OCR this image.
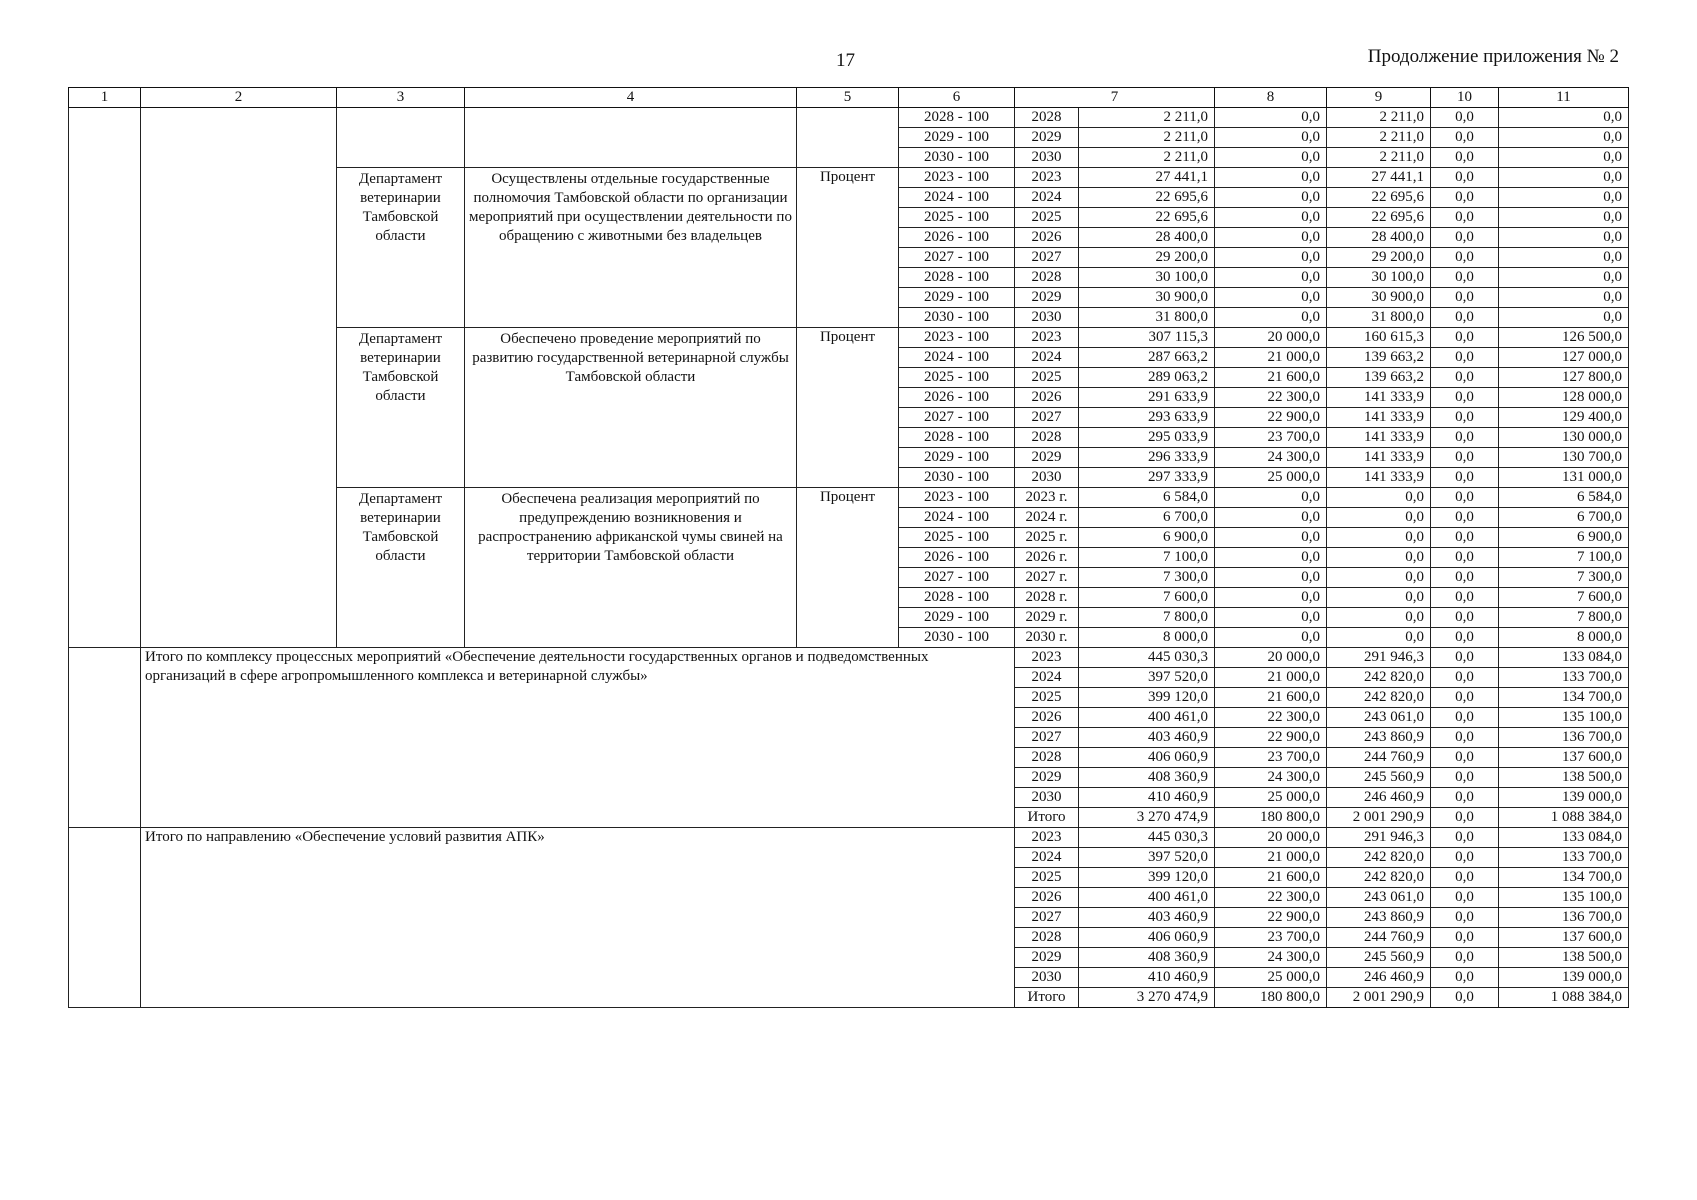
17	Продолжение приложения № 2
1	2	3	4	5	6	7		8	9	10	11
					2028 - 100	2028	2 211,0	0,0	2 211,0	0,0	0,0
					2029 - 100	2029	2 211,0	0,0	2 211,0	0,0	0,0
					2030 - 100	2030	2 211,0	0,0	2 211,0	0,0	0,0
		Департамент ветеринарии Тамбовской области	Осуществлены отдельные государственные полномочия Тамбовской области по организации мероприятий при осуществлении деятельности по обращению с животными без владельцев	Процент	2023 - 100	2023	27 441,1	0,0	27 441,1	0,0	0,0
					2024 - 100	2024	22 695,6	0,0	22 695,6	0,0	0,0
					2025 - 100	2025	22 695,6	0,0	22 695,6	0,0	0,0
					2026 - 100	2026	28 400,0	0,0	28 400,0	0,0	0,0
					2027 - 100	2027	29 200,0	0,0	29 200,0	0,0	0,0
					2028 - 100	2028	30 100,0	0,0	30 100,0	0,0	0,0
					2029 - 100	2029	30 900,0	0,0	30 900,0	0,0	0,0
					2030 - 100	2030	31 800,0	0,0	31 800,0	0,0	0,0
		Департамент ветеринарии Тамбовской области	Обеспечено проведение мероприятий по развитию государственной ветеринарной службы Тамбовской области	Процент	2023 - 100	2023	307 115,3	20 000,0	160 615,3	0,0	126 500,0
					2024 - 100	2024	287 663,2	21 000,0	139 663,2	0,0	127 000,0
					2025 - 100	2025	289 063,2	21 600,0	139 663,2	0,0	127 800,0
					2026 - 100	2026	291 633,9	22 300,0	141 333,9	0,0	128 000,0
					2027 - 100	2027	293 633,9	22 900,0	141 333,9	0,0	129 400,0
					2028 - 100	2028	295 033,9	23 700,0	141 333,9	0,0	130 000,0
					2029 - 100	2029	296 333,9	24 300,0	141 333,9	0,0	130 700,0
					2030 - 100	2030	297 333,9	25 000,0	141 333,9	0,0	131 000,0
		Департамент ветеринарии Тамбовской области	Обеспечена реализация мероприятий по предупреждению возникновения и распространению африканской чумы свиней на территории Тамбовской области	Процент	2023 - 100	2023 г.	6 584,0	0,0	0,0	0,0	6 584,0
					2024 - 100	2024 г.	6 700,0	0,0	0,0	0,0	6 700,0
					2025 - 100	2025 г.	6 900,0	0,0	0,0	0,0	6 900,0
					2026 - 100	2026 г.	7 100,0	0,0	0,0	0,0	7 100,0
					2027 - 100	2027 г.	7 300,0	0,0	0,0	0,0	7 300,0
					2028 - 100	2028 г.	7 600,0	0,0	0,0	0,0	7 600,0
					2029 - 100	2029 г.	7 800,0	0,0	0,0	0,0	7 800,0
					2030 - 100	2030 г.	8 000,0	0,0	0,0	0,0	8 000,0
	Итого по комплексу процессных мероприятий «Обеспечение деятельности государственных органов и подведомственных организаций в сфере агропромышленного комплекса и ветеринарной службы»					2023	445 030,3	20 000,0	291 946,3	0,0	133 084,0
						2024	397 520,0	21 000,0	242 820,0	0,0	133 700,0
						2025	399 120,0	21 600,0	242 820,0	0,0	134 700,0
						2026	400 461,0	22 300,0	243 061,0	0,0	135 100,0
						2027	403 460,9	22 900,0	243 860,9	0,0	136 700,0
						2028	406 060,9	23 700,0	244 760,9	0,0	137 600,0
						2029	408 360,9	24 300,0	245 560,9	0,0	138 500,0
						2030	410 460,9	25 000,0	246 460,9	0,0	139 000,0
						Итого	3 270 474,9	180 800,0	2 001 290,9	0,0	1 088 384,0
	Итого по направлению «Обеспечение условий развития АПК»					2023	445 030,3	20 000,0	291 946,3	0,0	133 084,0
						2024	397 520,0	21 000,0	242 820,0	0,0	133 700,0
						2025	399 120,0	21 600,0	242 820,0	0,0	134 700,0
						2026	400 461,0	22 300,0	243 061,0	0,0	135 100,0
						2027	403 460,9	22 900,0	243 860,9	0,0	136 700,0
						2028	406 060,9	23 700,0	244 760,9	0,0	137 600,0
						2029	408 360,9	24 300,0	245 560,9	0,0	138 500,0
						2030	410 460,9	25 000,0	246 460,9	0,0	139 000,0
						Итого	3 270 474,9	180 800,0	2 001 290,9	0,0	1 088 384,0
